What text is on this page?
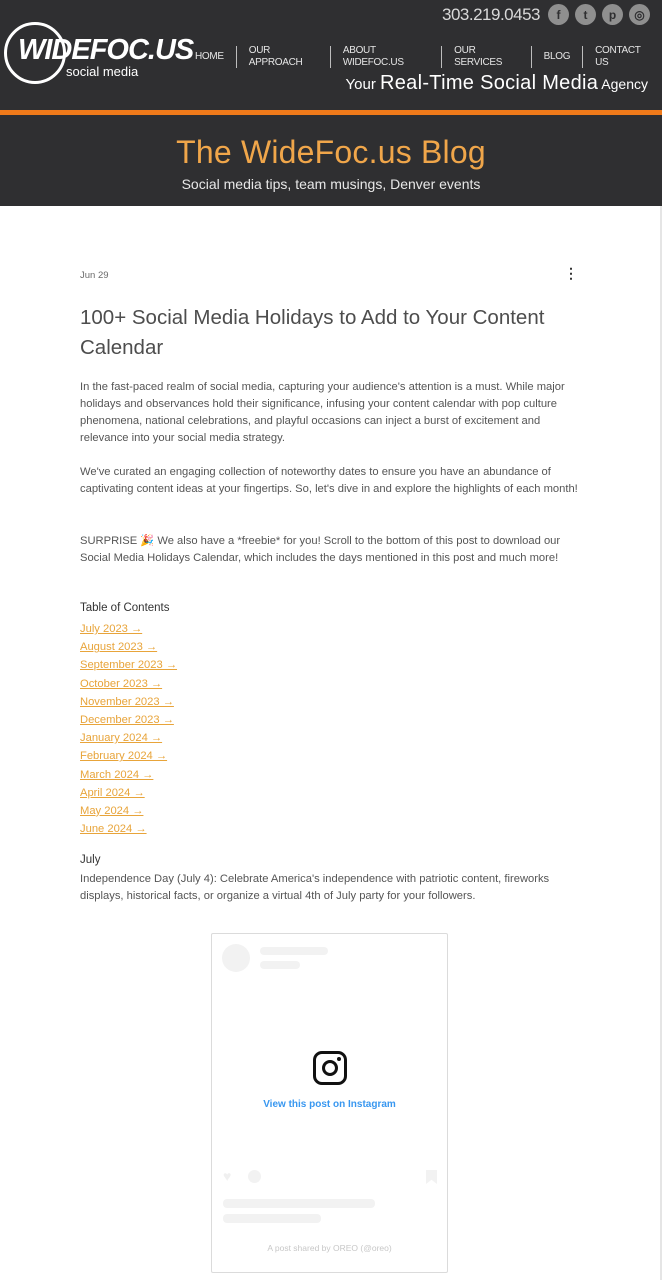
303.219.0453	f	t	p	◎
WIDEFOC.US
social media
HOME
OUR APPROACH
ABOUT WIDEFOC.US
OUR SERVICES
BLOG
CONTACT US
Your Real-Time Social Media Agency
The WideFoc.us Blog
Social media tips, team musings, Denver events
Jun 29	⋮
100+ Social Media Holidays to Add to Your Content Calendar

In the fast-paced realm of social media, capturing your audience's attention is a must. While major holidays and observances hold their significance, infusing your content calendar with pop culture phenomena, national celebrations, and playful occasions can inject a burst of excitement and relevance into your social media strategy.

We've curated an engaging collection of noteworthy dates to ensure you have an abundance of captivating content ideas at your fingertips. So, let's dive in and explore the highlights of each month!

SURPRISE 🎉 We also have a *freebie* for you! Scroll to the bottom of this post to download our Social Media Holidays Calendar, which includes the days mentioned in this post and much more!

Table of Contents
July 2023 →
August 2023 →
September 2023 →
October 2023 →
November 2023 →
December 2023 →
January 2024 →
February 2024 →
March 2024 →
April 2024 →
May 2024 →
June 2024 →
July

Independence Day (July 4): Celebrate America's independence with patriotic content, fireworks displays, historical facts, or organize a virtual 4th of July party for your followers.

View this post on Instagram
♥
A post shared by OREO (@oreo)
